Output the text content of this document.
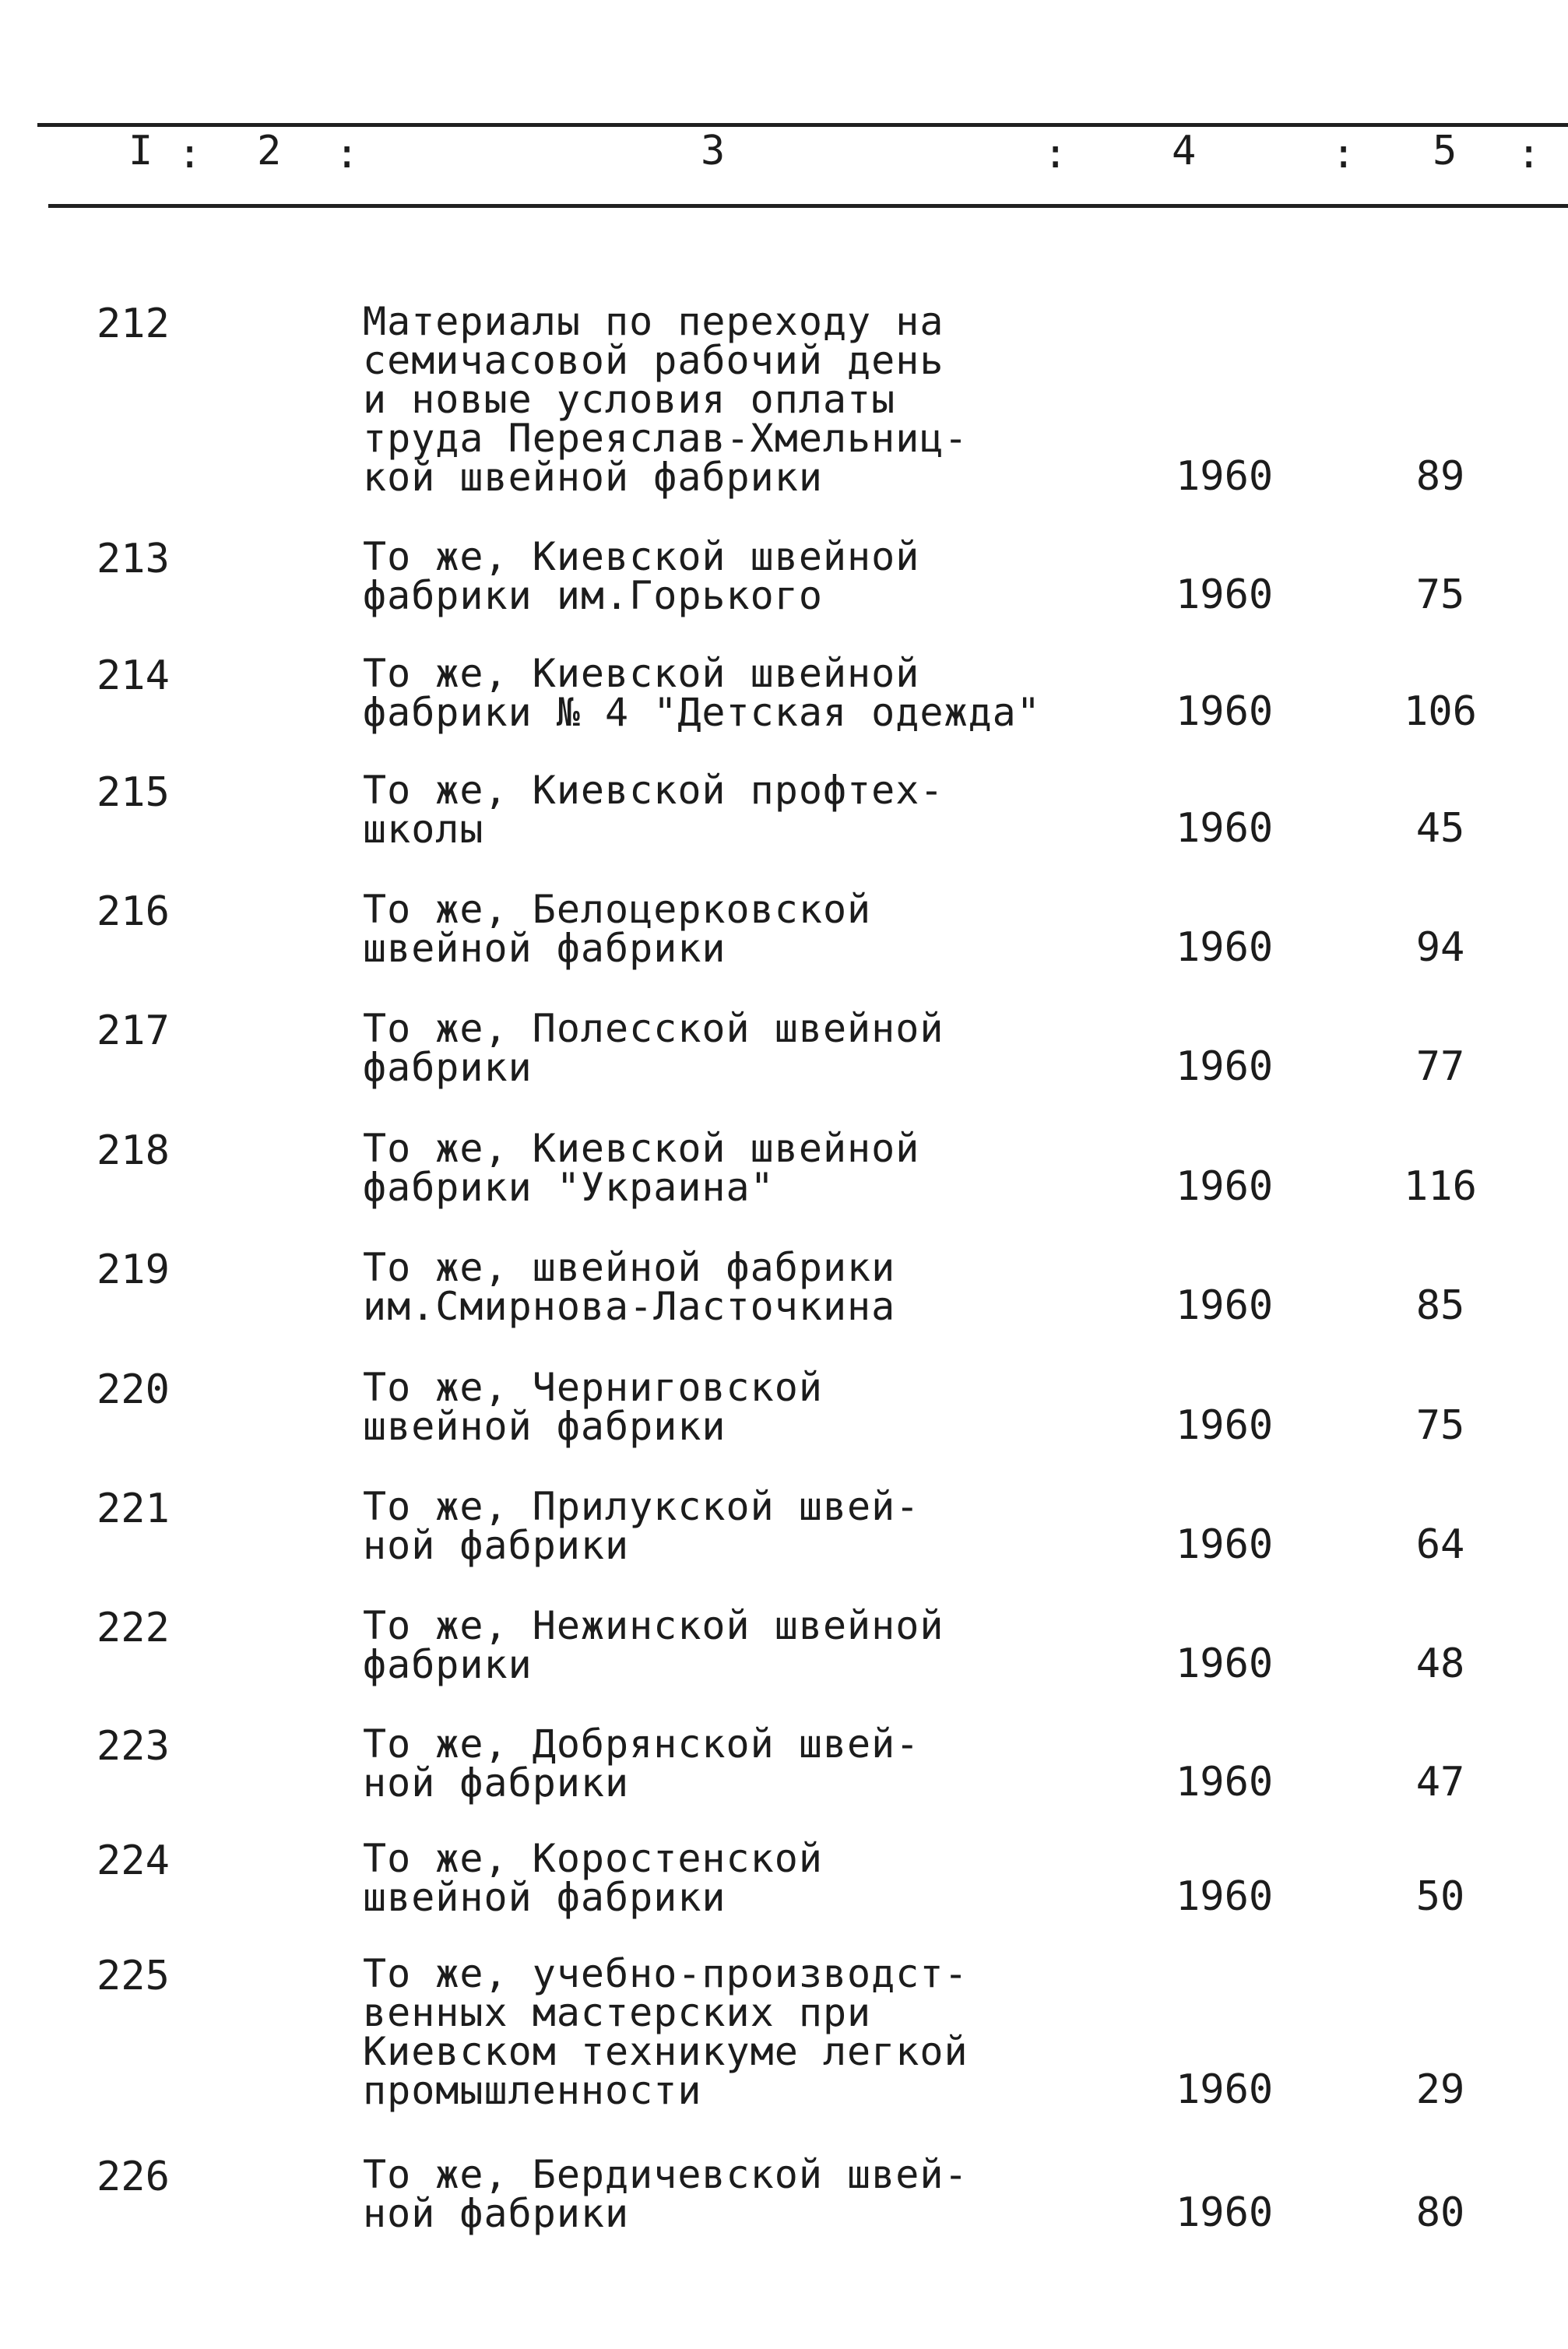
I : 2 :	3	:	4	: 5 :
212	Материалы по переходу на
семичасовой рабочий день
и новые условия оплаты
труда Переяслав-Хмельниц-
кой швейной фабрики	1960	89
213	То же, Киевской швейной
фабрики им.Горького	1960	75
214	То же, Киевской швейной
фабрики № 4 "Детская одежда"	1960	106
215	То же, Киевской профтех-
школы	1960	45
216	То же, Белоцерковской
швейной фабрики	1960	94
217	То же, Полесской швейной
фабрики	1960	77
218	То же, Киевской швейной
фабрики "Украина"	1960	116
219	То же, швейной фабрики
им.Смирнова-Ласточкина	1960	85
220	То же, Черниговской
швейной фабрики	1960	75
221	То же, Прилукской швей-
ной фабрики	1960	64
222	То же, Нежинской швейной
фабрики	1960	48
223	То же, Добрянской швей-
ной фабрики	1960	47
224	То же, Коростенской
швейной фабрики	1960	50
225	То же, учебно-производст-
венных мастерских при
Киевском техникуме легкой
промышленности	1960	29
226	То же, Бердичевской швей-
ной фабрики	1960	80
